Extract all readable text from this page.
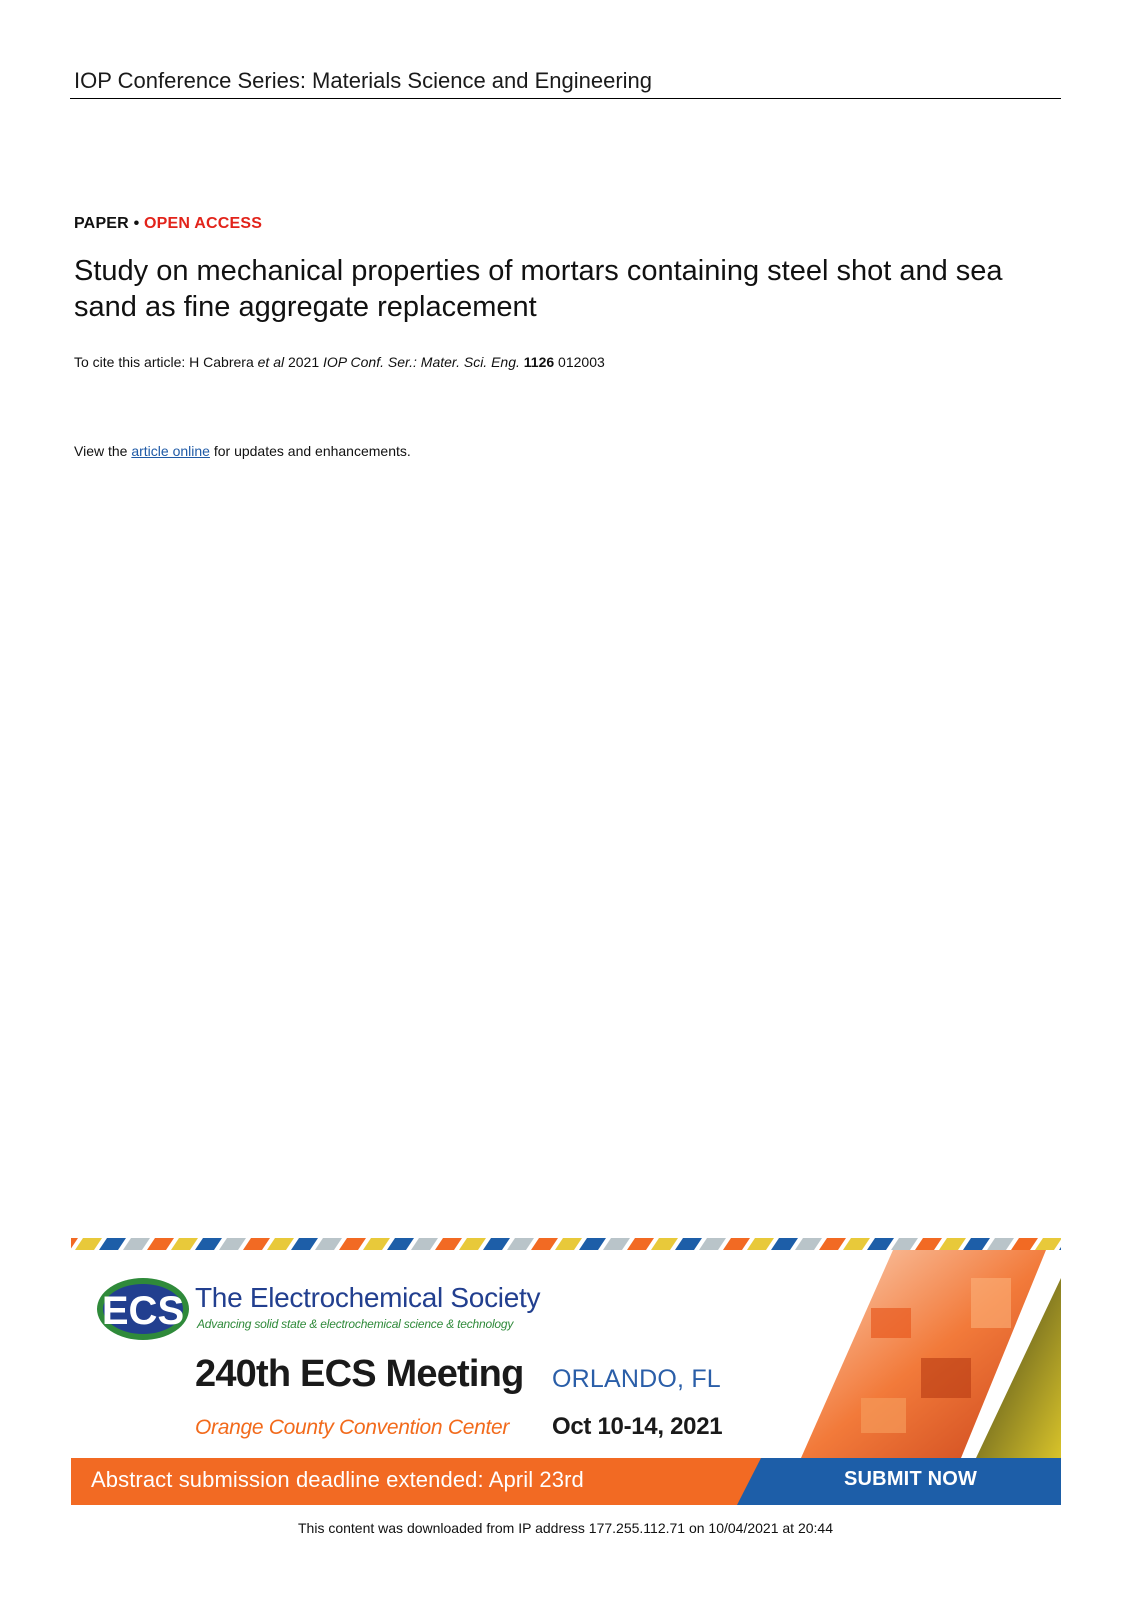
IOP Conference Series: Materials Science and Engineering
PAPER • OPEN ACCESS
Study on mechanical properties of mortars containing steel shot and sea sand as fine aggregate replacement
To cite this article: H Cabrera et al 2021 IOP Conf. Ser.: Mater. Sci. Eng. 1126 012003
View the article online for updates and enhancements.
ECS The Electrochemical Society
Advancing solid state & electrochemical science & technology
240th ECS Meeting ORLANDO, FL
Orange County Convention Center Oct 10-14, 2021
Abstract submission deadline extended: April 23rd	SUBMIT NOW
This content was downloaded from IP address 177.255.112.71 on 10/04/2021 at 20:44
